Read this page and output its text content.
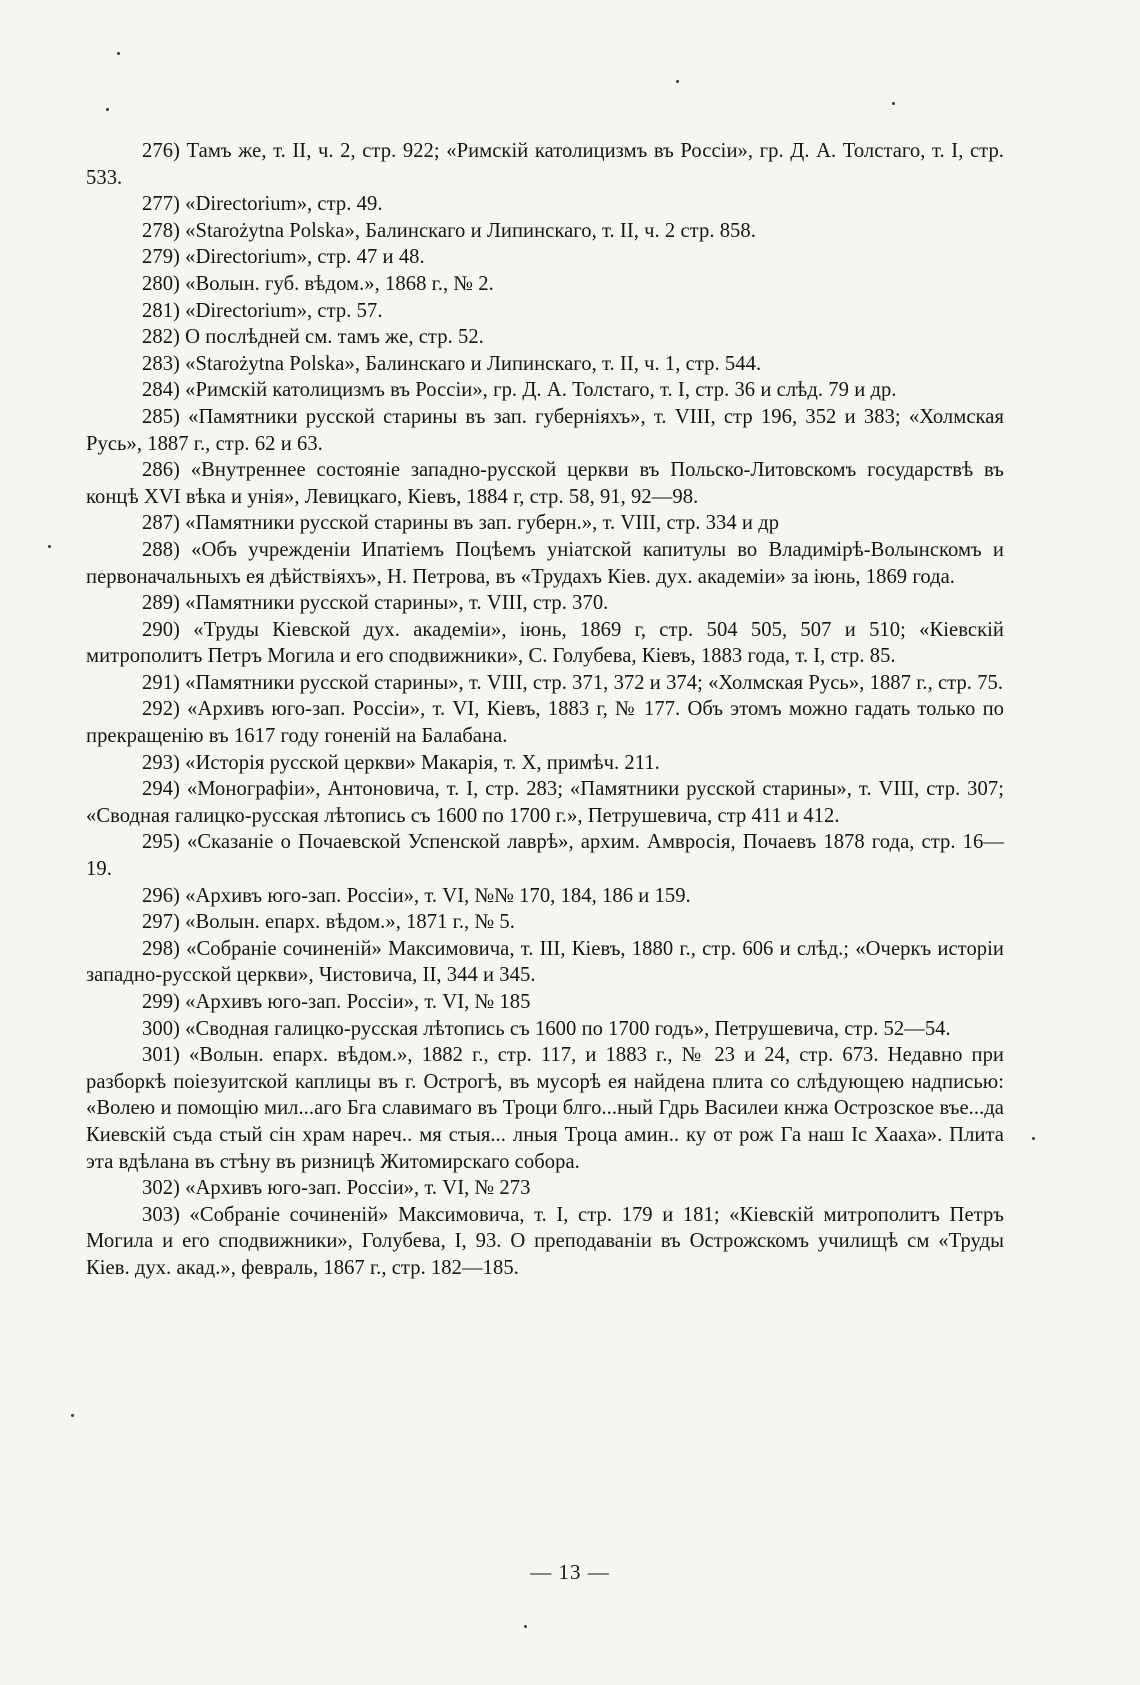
276) Тамъ же, т. II, ч. 2, стр. 922; «Римскій католицизмъ въ Россіи», гр. Д. А. Толстаго, т. I, стр. 533.

277) «Directorium», стр. 49.

278) «Starożytna Polska», Балинскаго и Липинскаго, т. II, ч. 2 стр. 858.

279) «Directorium», стр. 47 и 48.

280) «Волын. губ. вѣдом.», 1868 г., № 2.

281) «Directorium», стр. 57.

282) О послѣдней см. тамъ же, стр. 52.

283) «Starożytna Polska», Балинскаго и Липинскаго, т. II, ч. 1, стр. 544.

284) «Римскій католицизмъ въ Россіи», гр. Д. А. Толстаго, т. I, стр. 36 и слѣд. 79 и др.

285) «Памятники русской старины въ зап. губерніяхъ», т. VIII, стр 196, 352 и 383; «Холмская Русь», 1887 г., стр. 62 и 63.

286) «Внутреннее состояніе западно-русской церкви въ Польско-Литовскомъ государствѣ въ концѣ XVI вѣка и унія», Левицкаго, Кіевъ, 1884 г, стр. 58, 91, 92—98.

287) «Памятники русской старины въ зап. губерн.», т. VIII, стр. 334 и др

288) «Объ учрежденіи Ипатіемъ Поцѣемъ уніатской капитулы во Владимірѣ-Волынскомъ и первоначальныхъ ея дѣйствіяхъ», Н. Петрова, въ «Трудахъ Кіев. дух. академіи» за іюнь, 1869 года.

289) «Памятники русской старины», т. VIII, стр. 370.

290) «Труды Кіевской дух. академіи», іюнь, 1869 г, стр. 504 505, 507 и 510; «Кіевскій митрополитъ Петръ Могила и его сподвижники», С. Голубева, Кіевъ, 1883 года, т. I, стр. 85.

291) «Памятники русской старины», т. VIII, стр. 371, 372 и 374; «Холмская Русь», 1887 г., стр. 75.

292) «Архивъ юго-зап. Россіи», т. VI, Кіевъ, 1883 г, № 177. Объ этомъ можно гадать только по прекращенію въ 1617 году гоненій на Балабана.

293) «Исторія русской церкви» Макарія, т. X, примѣч. 211.

294) «Монографіи», Антоновича, т. I, стр. 283; «Памятники русской старины», т. VIII, стр. 307; «Сводная галицко-русская лѣтопись съ 1600 по 1700 г.», Петрушевича, стр 411 и 412.

295) «Сказаніе о Почаевской Успенской лаврѣ», архим. Амвросія, Почаевъ 1878 года, стр. 16—19.

296) «Архивъ юго-зап. Россіи», т. VI, №№ 170, 184, 186 и 159.

297) «Волын. епарх. вѣдом.», 1871 г., № 5.

298) «Собраніе сочиненій» Максимовича, т. III, Кіевъ, 1880 г., стр. 606 и слѣд.; «Очеркъ исторіи западно-русской церкви», Чистовича, II, 344 и 345.

299) «Архивъ юго-зап. Россіи», т. VI, № 185

300) «Сводная галицко-русская лѣтопись съ 1600 по 1700 годъ», Петрушевича, стр. 52—54.

301) «Волын. епарх. вѣдом.», 1882 г., стр. 117, и 1883 г., № 23 и 24, стр. 673. Недавно при разборкѣ поіезуитской каплицы въ г. Острогѣ, въ мусорѣ ея найдена плита со слѣдующею надписью: «Волею и помощію мил...аго Бга славимаго въ Троци блго...ный Гдрь Василеи кнжа Острозское въе...да Киевскій съда стый сін храм нареч.. мя стыя... лныя Троца амин.. ку от рож Га наш Іс Хааха». Плита эта вдѣлана въ стѣну въ ризницѣ Житомирскаго собора.

302) «Архивъ юго-зап. Россіи», т. VI, № 273

303) «Собраніе сочиненій» Максимовича, т. I, стр. 179 и 181; «Кіевскій митрополитъ Петръ Могила и его сподвижники», Голубева, I, 93. О преподаваніи въ Острожскомъ училищѣ см «Труды Кіев. дух. акад.», февраль, 1867 г., стр. 182—185.

— 13 —
